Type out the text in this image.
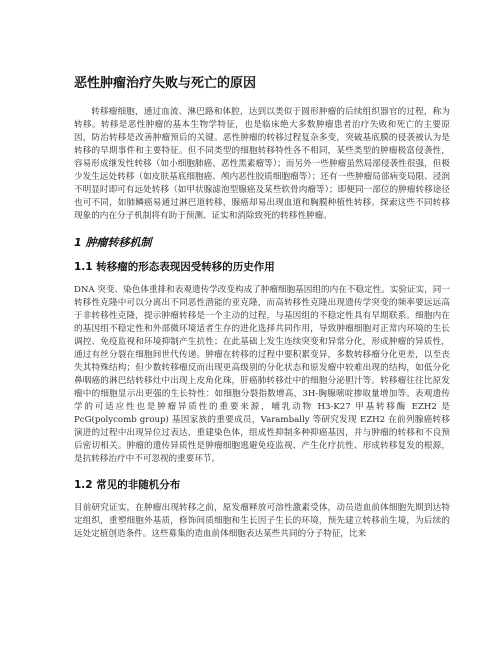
恶性肿瘤治疗失败与死亡的原因

转移瘤细胞，通过血流、淋巴路和体腔，达到以类似于圆形肿瘤的后续组织器官的过程，称为转移。转移是恶性肿瘤的基本生物学特征，也是临床绝大多数肿瘤患者治疗失败和死亡的主要原因，防治转移是改善肿瘤预后的关键。恶性肿瘤的转移过程复杂多变，突破基底膜的侵袭被认为是转移的早期事件和主要特征。但不同类型的细胞转移特性各不相同，某些类型的肿瘤极富侵袭性，容易形成继发性转移（如小细胞肺癌、恶性黑素瘤等）；而另外一些肿瘤虽然局部侵袭性很强，但极少发生远处转移（如皮肤基底细胞癌、颅内恶性胶质细胞瘤等）；还有一些肿瘤局部病变局限、浸润不明显时即可有远处转移（如甲状腺滤泡型腺癌及某些软骨肉瘤等）；即便同一部位的肿瘤转移途径也可不同，如肺鳞癌易通过淋巴道转移，腺癌却易出现血道和胸膜种植性转移。探索这些不同转移现象的内在分子机制将有助于预测、证实和消除致死的转移性肿瘤。

1 肿瘤转移机制
1.1 转移瘤的形态表现因受转移的历史作用

DNA 突变、染色体重排和表观遗传学改变构成了肿瘤细胞基因组的内在不稳定性。实验证实，同一转移性克隆中可以分离出不同恶性潜能的亚克隆，而高转移性克隆出现遗传学突变的频率要远远高于非转移性克隆，提示肿瘤转移是一个主动的过程，与基因组的不稳定性具有早期联系。细胞内在的基因组不稳定性和外部微环境适者生存的进化选择共同作用，导致肿瘤细胞对正常内环境的生长调控、免疫监视和环境抑制产生抗性；在此基础上发生连续突变和异常分化，形成肿瘤的异质性，通过有丝分裂在细胞间世代传递。肿瘤在转移的过程中要积累变异，多数转移瘤分化更差，以至丧失其特殊结构；但少数转移瘤反而出现更高级别的分化状态和原发瘤中较难出现的结构，如低分化鼻咽癌的淋巴结转移灶中出现上皮角化珠，肝癌肺转移灶中的细胞分泌胆汁等。转移瘤往往比原发瘤中的细胞显示出更强的生长特性：如细胞分裂指数增高，3H-胸腺嘧啶掺取量增加等。表观遗传学的可适应性也是肿瘤异质性的重要来源，哺乳动物 H3-K27 甲基转移酶 EZH2 是 PcG(polycomb group) 基因家族的重要成员，Varambally 等研究发现 EZH2 在前列腺癌转移演进的过程中出现异位过表达，重建染色体，组成性抑制多种抑癌基因，并与肿瘤的转移和不良预后密切相关。肿瘤的遗传异质性是肿瘤细胞逃避免疫监视、产生化疗抗性、形成转移复发的根源，是抗转移治疗中不可忽视的重要环节。

1.2 常见的非随机分布

目前研究证实，在肿瘤出现转移之前，原发瘤释放可溶性激素受体，动员造血前体细胞先期到达特定组织，重塑细胞外基质，修饰间质细胞和生长因子生长的环境，预先建立转移前生境，为后续的远处定植创造条件。这些募集的造血前体细胞表达某些共同的分子特征，比来
